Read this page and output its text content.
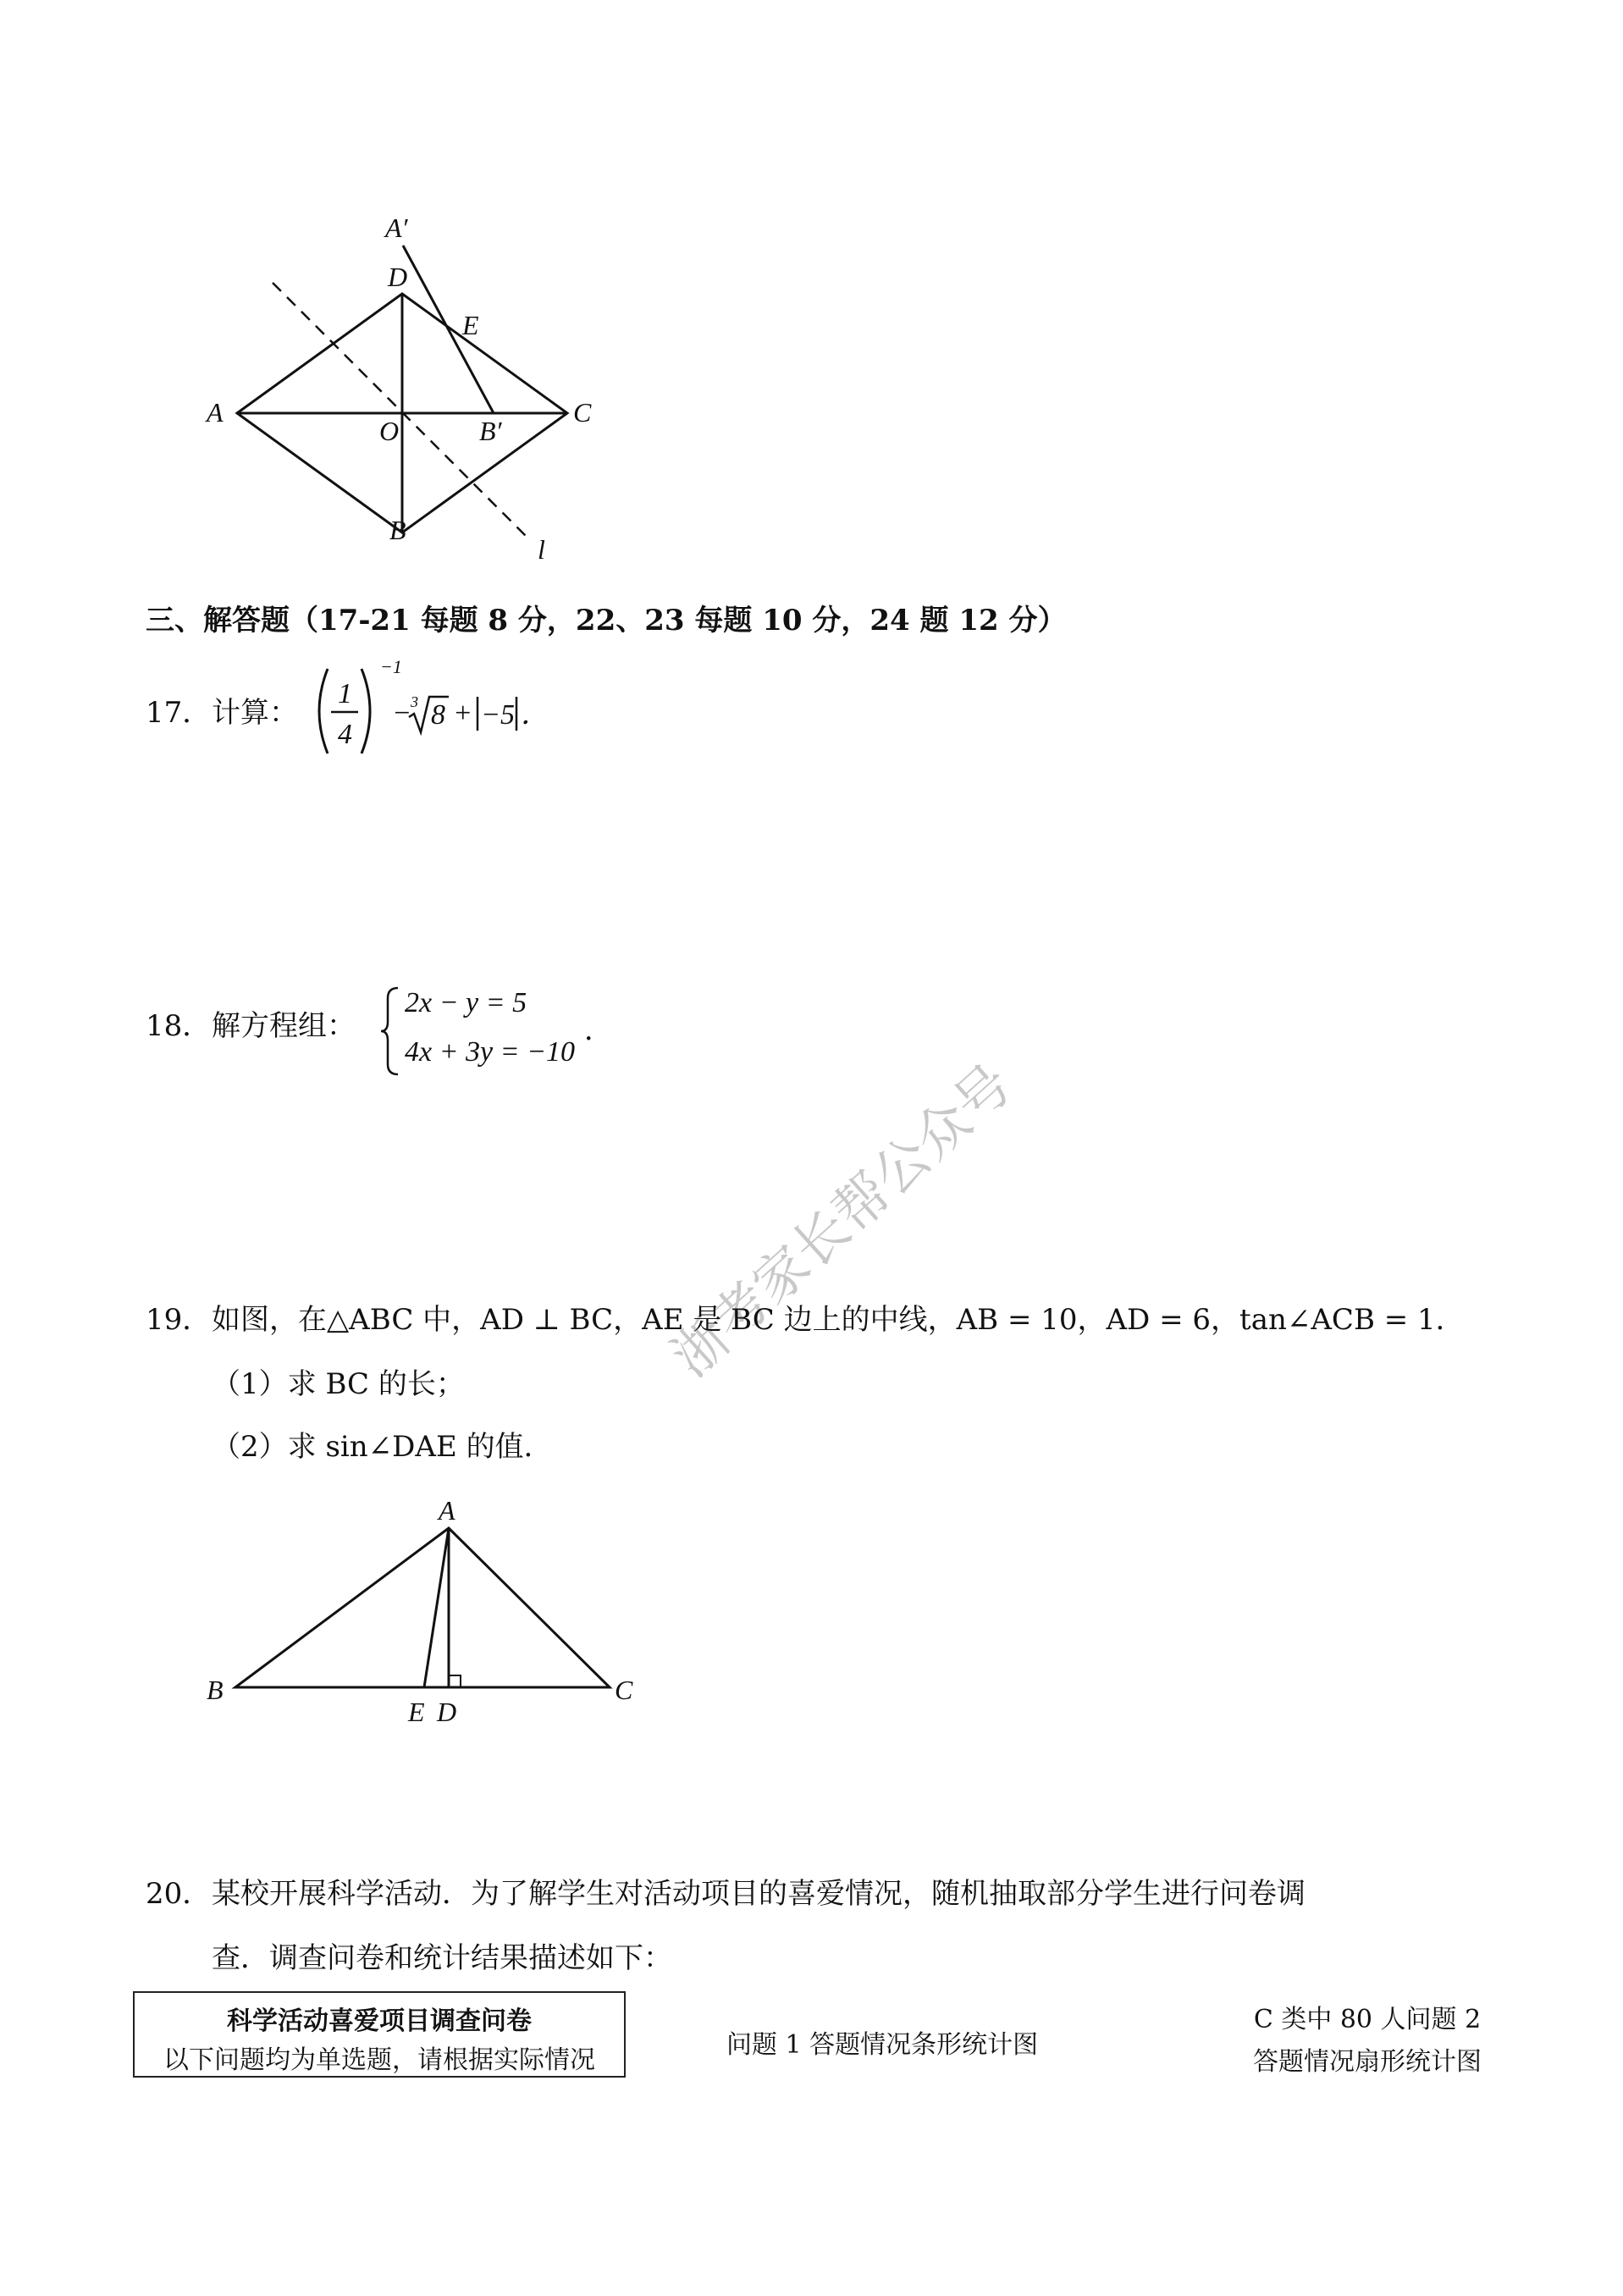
A′
D
E
A
O	B′
C
B
l
三、解答题（17-21 每题 8 分，22、23 每题 10 分，24 题 12 分）
17． 计算：
1
4
−1
− 3 8 + −5 ．
18． 解方程组：
2x − y = 5
4x + 3y = −10
．
浙考家长帮公众号
19． 如图，在△ABC 中，AD ⊥ BC，AE 是 BC 边上的中线，AB = 10，AD = 6，tan∠ACB = 1．
（1）求 BC 的长；
（2）求 sin∠DAE 的值．
A
B
E D
C
20． 某校开展科学活动．为了解学生对活动项目的喜爱情况，随机抽取部分学生进行问卷调
查．调查问卷和统计结果描述如下：
科学活动喜爱项目调查问卷
以下问题均为单选题，请根据实际情况
问题 1 答题情况条形统计图
C 类中 80 人问题 2
答题情况扇形统计图
